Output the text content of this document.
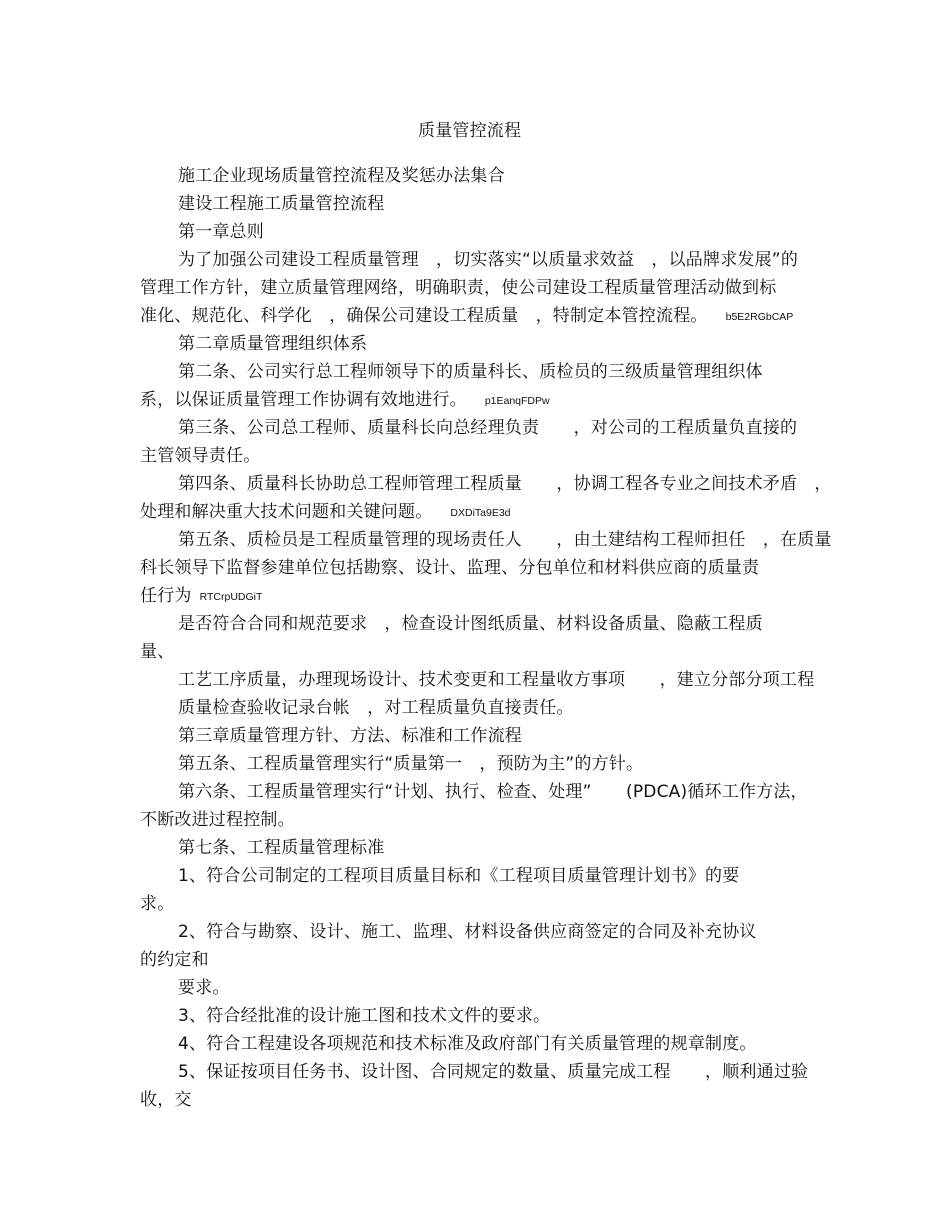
质量管控流程
施工企业现场质量管控流程及奖惩办法集合
建设工程施工质量管控流程
第一章总则
为了加强公司建设工程质量管理　，切实落实“以质量求效益　，以品牌求发展”的
管理工作方针，建立质量管理网络，明确职责，使公司建设工程质量管理活动做到标
准化、规范化、科学化　，确保公司建设工程质量　，特制定本管控流程。 b5E2RGbCAP
第二章质量管理组织体系
第二条、公司实行总工程师领导下的质量科长、质检员的三级质量管理组织体
系，以保证质量管理工作协调有效地进行。 p1EanqFDPw
第三条、公司总工程师、质量科长向总经理负责　　，对公司的工程质量负直接的
主管领导责任。
第四条、质量科长协助总工程师管理工程质量　　，协调工程各专业之间技术矛盾　，
处理和解决重大技术问题和关键问题。 DXDiTa9E3d
第五条、质检员是工程质量管理的现场责任人　　，由土建结构工程师担任　，在质量
科长领导下监督参建单位包括勘察、设计、监理、分包单位和材料供应商的质量责
任行为 RTCrpUDGiT
是否符合合同和规范要求　，检查设计图纸质量、材料设备质量、隐蔽工程质
量、
工艺工序质量，办理现场设计、技术变更和工程量收方事项　　，建立分部分项工程
质量检查验收记录台帐　，对工程质量负直接责任。
第三章质量管理方针、方法、标准和工作流程
第五条、工程质量管理实行“质量第一　，预防为主”的方针。
第六条、工程质量管理实行“计划、执行、检查、处理”　　(PDCA)循环工作方法，
不断改进过程控制。
第七条、工程质量管理标准
1、符合公司制定的工程项目质量目标和《工程项目质量管理计划书》的要
求。
2、符合与勘察、设计、施工、监理、材料设备供应商签定的合同及补充协议
的约定和
要求。
3、符合经批准的设计施工图和技术文件的要求。
4、符合工程建设各项规范和技术标准及政府部门有关质量管理的规章制度。
5、保证按项目任务书、设计图、合同规定的数量、质量完成工程　　，顺利通过验
收，交
